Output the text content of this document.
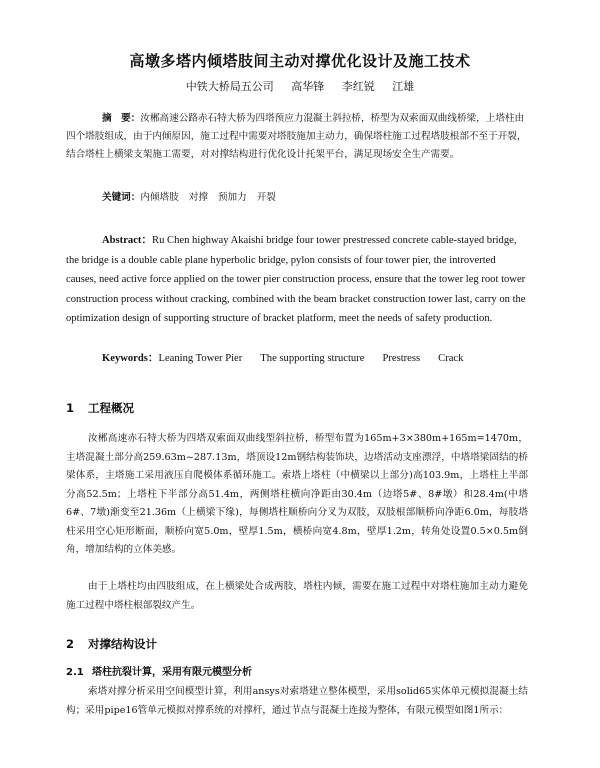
高墩多塔内倾塔肢间主动对撑优化设计及施工技术
中铁大桥局五公司 高华锋 李红锐 江雄
摘　要：汝郴高速公路赤石特大桥为四塔预应力混凝土斜拉桥，桥型为双索面双曲线桥梁，上塔柱由四个塔肢组成，由于内倾原因，施工过程中需要对塔肢施加主动力，确保塔柱施工过程塔肢根部不至于开裂，结合塔柱上横梁支架施工需要，对对撑结构进行优化设计托架平台，满足现场安全生产需要。
关键词：内倾塔肢 对撑 预加力 开裂
Abstract：Ru Chen highway Akaishi bridge four tower prestressed concrete cable-stayed bridge, the bridge is a double cable plane hyperbolic bridge, pylon consists of four tower pier, the introverted causes, need active force applied on the tower pier construction process, ensure that the tower leg root tower construction process without cracking, combined with the beam bracket construction tower last, carry on the optimization design of supporting structure of bracket platform, meet the needs of safety production.
Keywords：Leaning Tower Pier The supporting structure Prestress Crack
1 工程概况
汝郴高速赤石特大桥为四塔双索面双曲线型斜拉桥，桥型布置为165m+3×380m+165m=1470m，主塔混凝土部分高259.63m~287.13m，塔顶设12m钢结构装饰块，边塔活动支座漂浮，中塔塔梁固结的桥梁体系，主塔施工采用液压自爬模体系循环施工。索塔上塔柱（中横梁以上部分)高103.9m，上塔柱上半部分高52.5m；上塔柱下半部分高51.4m，两侧塔柱横向净距由30.4m（边塔5#、8#墩）和28.4m(中塔6#、7墩)渐变至21.36m（上横梁下缘)，每侧塔柱顺桥向分叉为双肢，双肢根部顺桥向净距6.0m，每肢塔柱采用空心矩形断面，顺桥向宽5.0m，壁厚1.5m，横桥向宽4.8m，壁厚1.2m，转角处设置0.5×0.5m倒角，增加结构的立体美感。
由于上塔柱均由四肢组成，在上横梁处合成两肢，塔柱内倾，需要在施工过程中对塔柱施加主动力避免施工过程中塔柱根部裂纹产生。
2 对撑结构设计
2.1 塔柱抗裂计算，采用有限元模型分析
索塔对撑分析采用空间模型计算，利用ansys对索塔建立整体模型，采用solid65实体单元模拟混凝土结构；采用pipe16管单元模拟对撑系统的对撑杆，通过节点与混凝土连接为整体，有限元模型如图1所示：
